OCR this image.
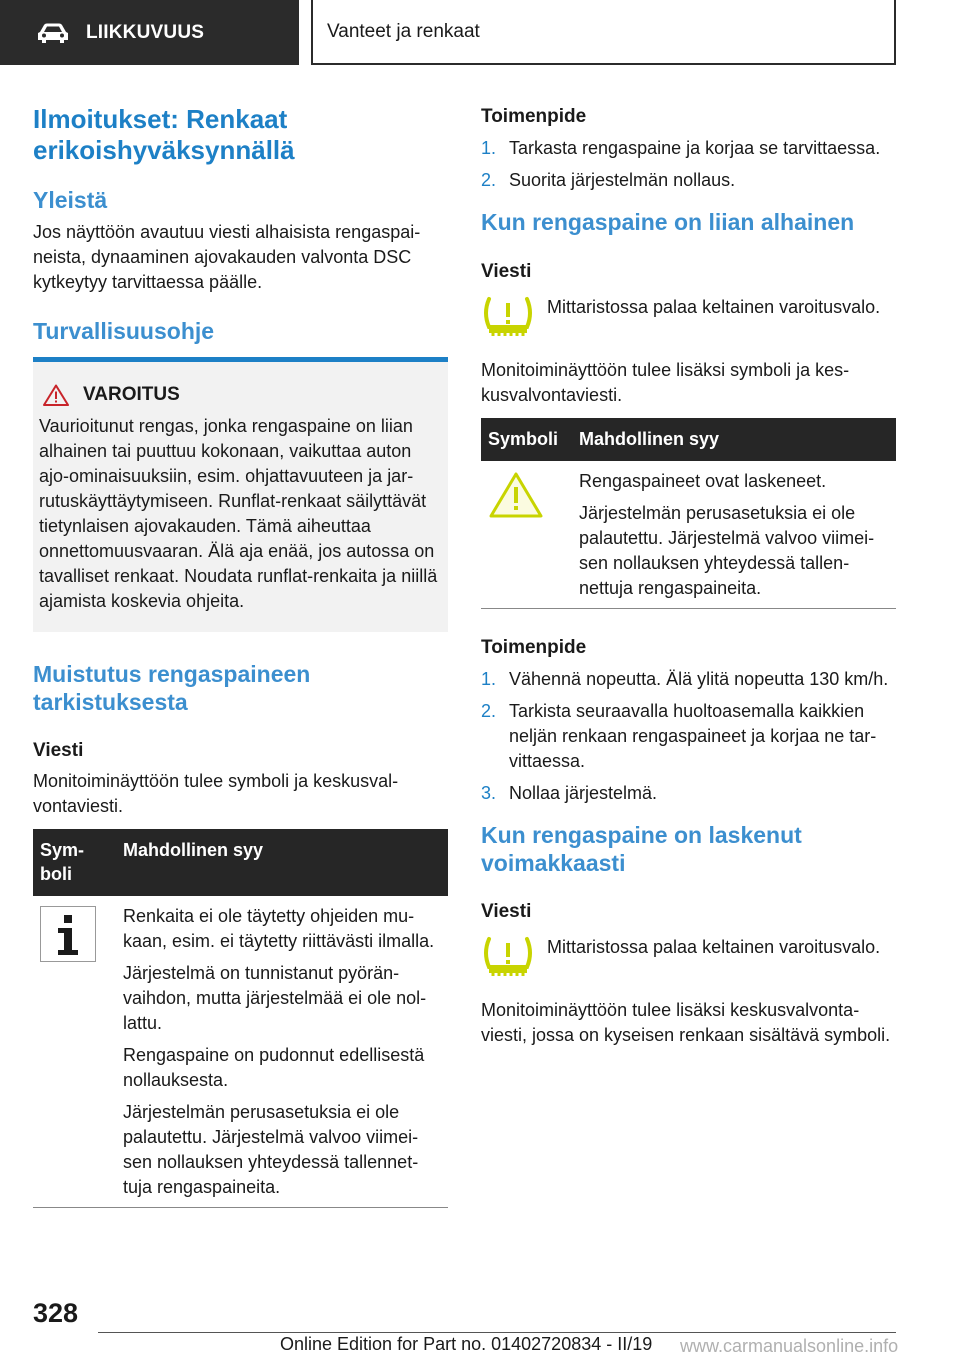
LIIKKUVUUS	Vanteet ja renkaat
Ilmoitukset: Renkaat erikoishyväksynnällä
Yleistä

Jos näyttöön avautuu viesti alhaisista rengaspaineista, dynaaminen ajovakauden valvonta DSC kytkeytyy tarvittaessa päälle.

Turvallisuusohje
VAROITUS

Vaurioitunut rengas, jonka rengaspaine on liian alhainen tai puuttuu kokonaan, vaikuttaa auton ajo-ominaisuuksiin, esim. ohjattavuuteen ja jarrutuskäyttäytymiseen. Runflat-renkaat säilyttävät tietynlaisen ajovakauden. Tämä aiheuttaa onnettomuusvaaran. Älä aja enää, jos autossa on tavalliset renkaat. Noudata runflat-renkaita ja niillä ajamista koskevia ohjeita.

Muistutus rengaspaineen tarkistuksesta
Viesti

Monitoiminäyttöön tulee symboli ja keskusvalvontaviesti.

Symboli	Mahdollinen syy

Renkaita ei ole täytetty ohjeiden mukaan, esim. ei täytetty riittävästi ilmalla.

Järjestelmä on tunnistanut pyöränvaihdon, mutta järjestelmää ei ole nollattu.

Rengaspaine on pudonnut edellisestä nollauksesta.

Järjestelmän perusasetuksia ei ole palautettu. Järjestelmä valvoo viimeisen nollauksen yhteydessä tallennettuja rengaspaineita.

Toimenpide
1. Tarkasta rengaspaine ja korjaa se tarvittaessa.
2. Suorita järjestelmän nollaus.
Kun rengaspaine on liian alhainen
Viesti

Mittaristossa palaa keltainen varoitusvalo.

Monitoiminäyttöön tulee lisäksi symboli ja keskusvalvontaviesti.

Symboli	Mahdollinen syy

Rengaspaineet ovat laskeneet.

Järjestelmän perusasetuksia ei ole palautettu. Järjestelmä valvoo viimeisen nollauksen yhteydessä tallennettuja rengaspaineita.

Toimenpide
1. Vähennä nopeutta. Älä ylitä nopeutta 130 km/h.
2. Tarkista seuraavalla huoltoasemalla kaikkien neljän renkaan rengaspaineet ja korjaa ne tarvittaessa.
3. Nollaa järjestelmä.
Kun rengaspaine on laskenut voimakkaasti
Viesti

Mittaristossa palaa keltainen varoitusvalo.

Monitoiminäyttöön tulee lisäksi keskusvalvontaviesti, jossa on kyseisen renkaan sisältävä symboli.

328
Online Edition for Part no. 01402720834 - II/19 www.carmanualsonline.info
